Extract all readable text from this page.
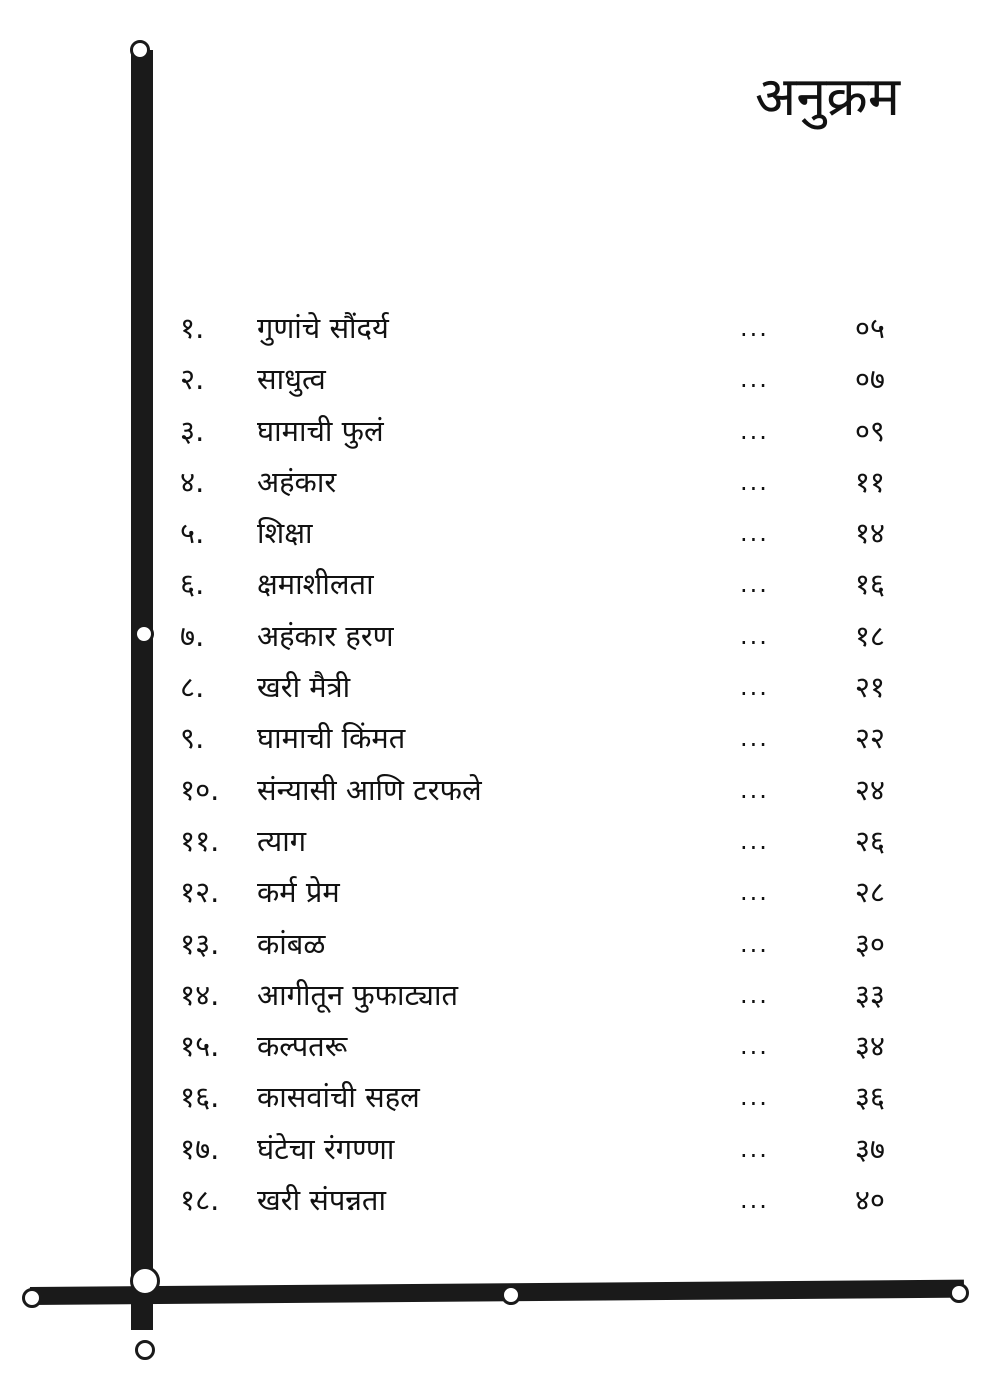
अनुक्रम
१. गुणांचे सौंदर्य	...	०५
२. साधुत्व	...	०७
३. घामाची फुलं	...	०९
४. अहंकार	...	११
५. शिक्षा	...	१४
६. क्षमाशीलता	...	१६
७. अहंकार हरण	...	१८
८. खरी मैत्री	...	२१
९. घामाची किंमत	...	२२
१०. संन्यासी आणि टरफले	...	२४
११. त्याग	...	२६
१२. कर्म प्रेम	...	२८
१३. कांबळ	...	३०
१४. आगीतून फुफाट्यात	...	३३
१५. कल्पतरू	...	३४
१६. कासवांची सहल	...	३६
१७. घंटेचा रंगण्णा	...	३७
१८. खरी संपन्नता	...	४०
